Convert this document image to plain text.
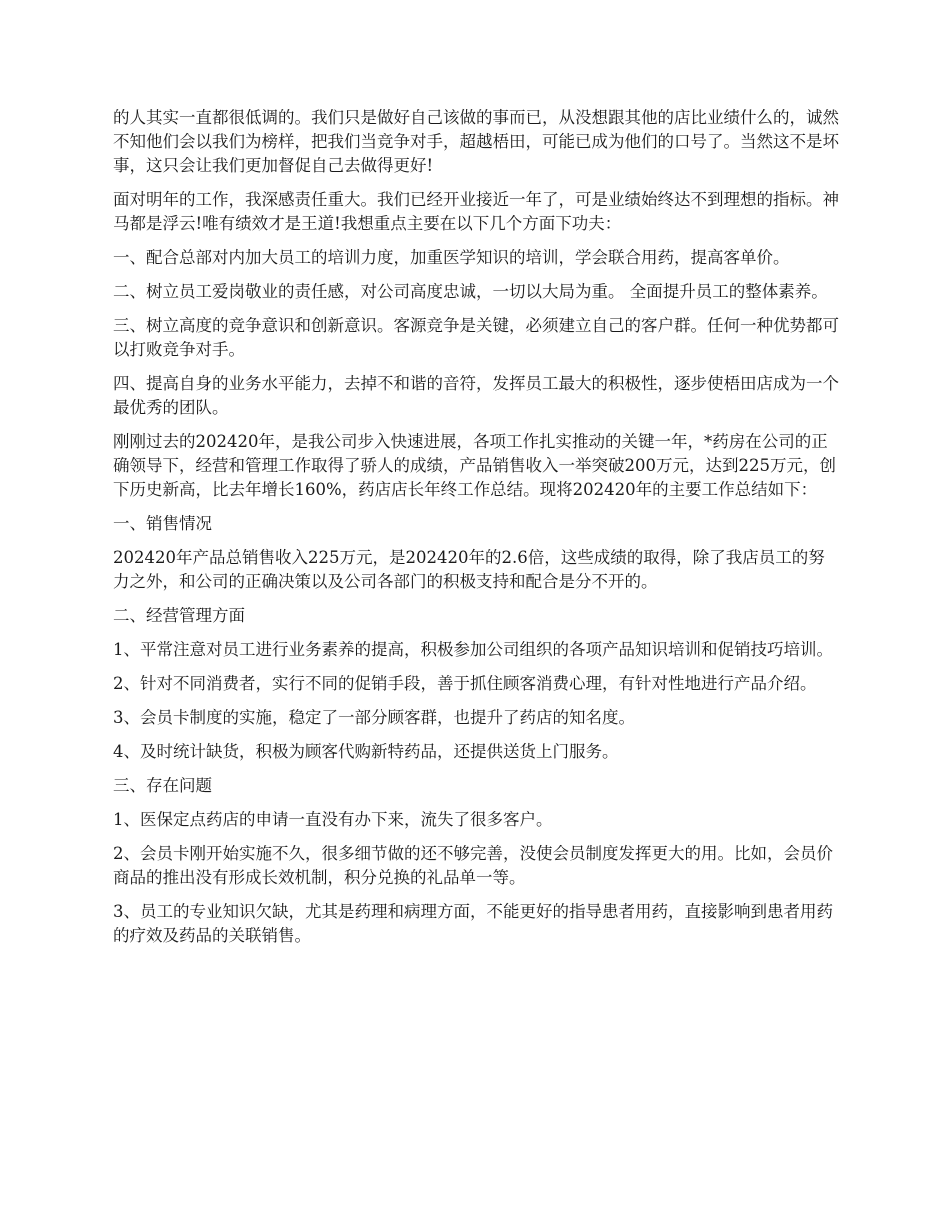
的人其实一直都很低调的。我们只是做好自己该做的事而已，从没想跟其他的店比业绩什么的，诚然不知他们会以我们为榜样，把我们当竞争对手，超越梧田，可能已成为他们的口号了。当然这不是坏事，这只会让我们更加督促自己去做得更好!

面对明年的工作，我深感责任重大。我们已经开业接近一年了，可是业绩始终达不到理想的指标。神马都是浮云!唯有绩效才是王道!我想重点主要在以下几个方面下功夫：

一、配合总部对内加大员工的培训力度，加重医学知识的培训，学会联合用药，提高客单价。

二、树立员工爱岗敬业的责任感，对公司高度忠诚，一切以大局为重。 全面提升员工的整体素养。

三、树立高度的竞争意识和创新意识。客源竞争是关键，必须建立自己的客户群。任何一种优势都可以打败竞争对手。

四、提高自身的业务水平能力，去掉不和谐的音符，发挥员工最大的积极性，逐步使梧田店成为一个最优秀的团队。

刚刚过去的202420年，是我公司步入快速进展，各项工作扎实推动的关键一年，*药房在公司的正确领导下，经营和管理工作取得了骄人的成绩，产品销售收入一举突破200万元，达到225万元，创下历史新高，比去年增长160%，药店店长年终工作总结。现将202420年的主要工作总结如下：

一、销售情况

202420年产品总销售收入225万元，是202420年的2.6倍，这些成绩的取得，除了我店员工的努力之外，和公司的正确决策以及公司各部门的积极支持和配合是分不开的。

二、经营管理方面

1、平常注意对员工进行业务素养的提高，积极参加公司组织的各项产品知识培训和促销技巧培训。

2、针对不同消费者，实行不同的促销手段，善于抓住顾客消费心理，有针对性地进行产品介绍。

3、会员卡制度的实施，稳定了一部分顾客群，也提升了药店的知名度。

4、及时统计缺货，积极为顾客代购新特药品，还提供送货上门服务。

三、存在问题

1、医保定点药店的申请一直没有办下来，流失了很多客户。

2、会员卡刚开始实施不久，很多细节做的还不够完善，没使会员制度发挥更大的用。比如，会员价商品的推出没有形成长效机制，积分兑换的礼品单一等。

3、员工的专业知识欠缺，尤其是药理和病理方面，不能更好的指导患者用药，直接影响到患者用药的疗效及药品的关联销售。
